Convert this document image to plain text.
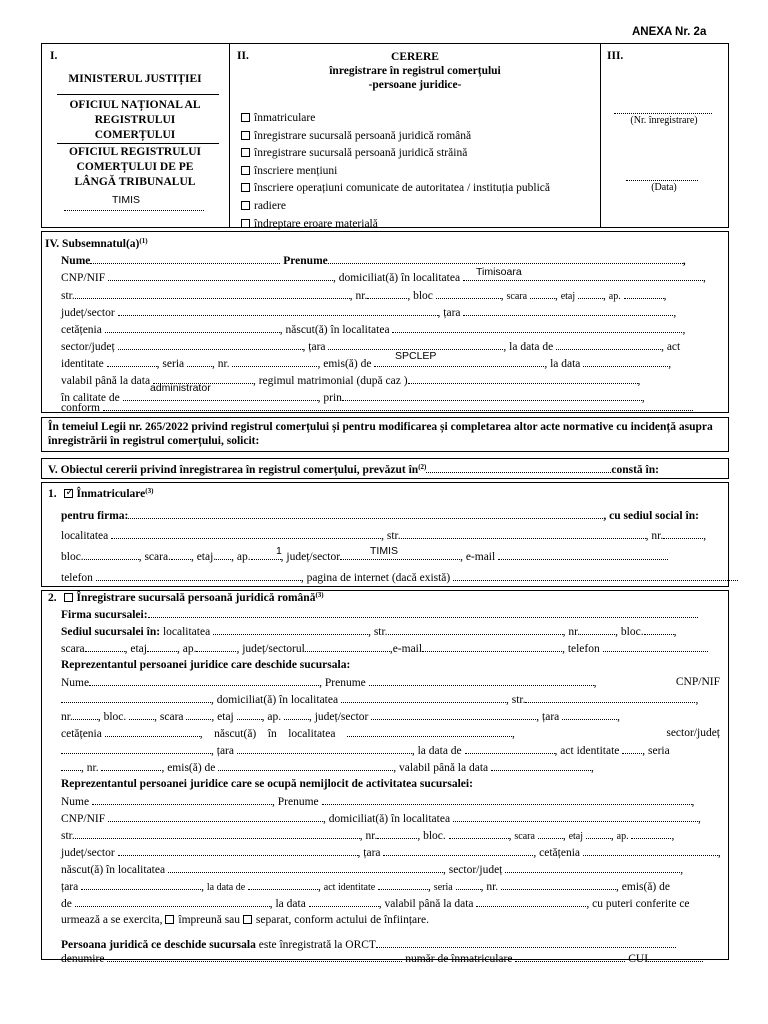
ANEXA Nr. 2a
I.
MINISTERUL JUSTIȚIEI
OFICIUL NAȚIONAL AL
REGISTRULUI
COMERȚULUI
OFICIUL REGISTRULUI
COMERȚULUI DE PE
LÂNGĂ TRIBUNALUL
TIMIS
II.	CERERE
înregistrare în registrul comerțului
-persoane juridice-
înmatriculare
înregistrare sucursală persoană juridică română
înregistrare sucursală persoană juridică străină
înscriere mențiuni
înscriere operațiuni comunicate de autoritatea / instituția publică
radiere
îndreptare eroare materială
III.
(Nr. înregistrare)
(Data)
IV. $Subsemnatul(a)^{(1)}$
Nume	Prenume	,
CNP/NIF	, domiciliat(ă) în localitatea	,
Timisoara
str.	, nr.	, bloc	, scara , etaj , ap.	,
județ/sector	, țara	,
cetățenia	, născut(ă) în localitatea	,
sector/județ	, țara	, la data de	, act
identitate	, seria , nr.	, emis(ă) de	, la data	,
SPCLEP
valabil până la data	, regimul matrimonial (după caz )	,
în calitate de	, prin	,
administrator
conform
În temeiul Legii nr. 265/2022 privind registrul comerțului și pentru modificarea și completarea altor acte normative cu incidență asupra înregistrării în registrul comerțului, solicit:
V. Obiectul cererii privind înregistrarea în registrul comerțului, prevăzut $în^{(2)}$	constă în:
1. ✓ Înmatriculare$^{(3)}$
pentru firma:	, cu sediul social în:
localitatea	, str.	, nr.	,
bloc.	, scara. , etaj. , ap.	, județ/sector	, e-mail
1	TIMIS
telefon	, pagina de internet (dacă există)
2. Înregistrare sucursală persoană juridică română$^{(3)}$
Firma sucursalei:
Sediul sucursalei în: localitatea	, str.	, nr.	, bloc.	,
scara	, etaj	, ap.	, județ/sectorul	,e-mail	, telefon
Reprezentantul persoanei juridice care deschide sucursala:
Nume	, Prenume	,	CNP/NIF
, domiciliat(ă) în localitatea	, str.	,
nr. , bloc. , scara , etaj , ap. , județ/sector	, țara	,
cetățenia	,    născut(ă) în localitatea	,	sector/județ
, țara	, la data de	, act identitate , seria
, nr.	, emis(ă) de	, valabil până la data	,
Reprezentantul persoanei juridice care se ocupă nemijlocit de activitatea sucursalei:
Nume	, Prenume	,
CNP/NIF	, domiciliat(ă) în localitatea	,
str.	, nr.	, bloc.	, scara , etaj , ap.	,
județ/sector	, țara	, cetățenia	,
născut(ă) în localitatea	, sector/județ	,
țara	, la data de	, act identitate	, seria , nr.	, emis(ă) de
de	, la data	, valabil până la data	, cu puteri conferite ce
urmează a se exercita, împreună sau separat, conform actului de înființare.
Persoana juridică ce deschide sucursala este înregistrată la ORCT
denumire	număr de înmatriculare	CUI
